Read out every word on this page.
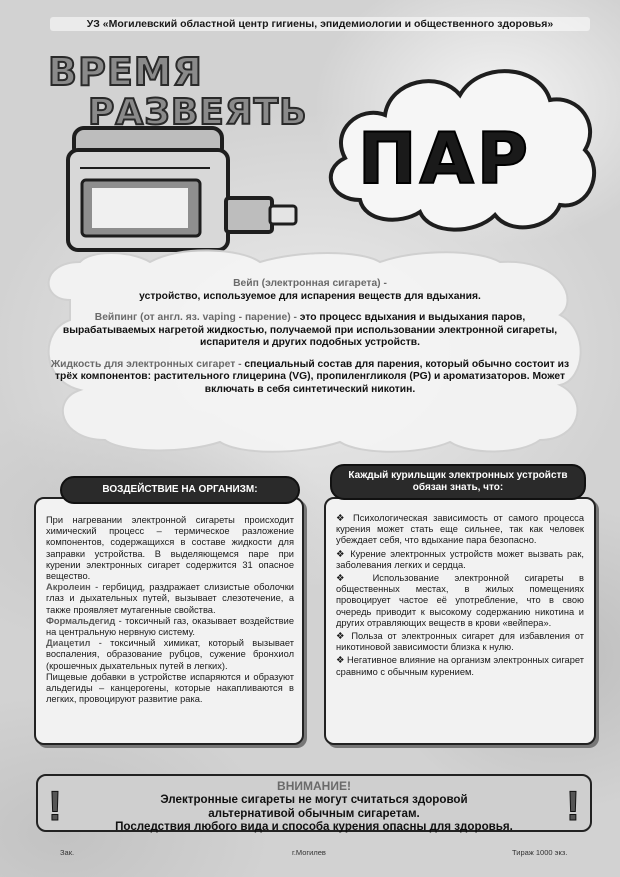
УЗ «Могилевский областной центр гигиены, эпидемиологии и общественного здоровья»
ВРЕМЯ
РАЗВЕЯТЬ
ПАР

Вейп (электронная сигарета) -
устройство, используемое для испарения веществ для вдыхания.

Вейпинг (от англ. яз. vaping - парение) - это процесс вдыхания и выдыхания паров, вырабатываемых нагретой жидкостью, получаемой при использовании электронной сигареты, испарителя и других подобных устройств.

Жидкость для электронных сигарет - специальный состав для парения, который обычно состоит из трёх компонентов: растительного глицерина (VG), пропиленгликоля (PG) и ароматизаторов. Может включать в себя синтетический никотин.

При нагревании электронной сигареты происходит химический процесс – термическое разложение компонентов, содержащихся в составе жидкости для заправки устройства. В выделяющемся паре при курении электронных сигарет содержится 31 опасное вещество.

Акролеин - гербицид, раздражает слизистые оболочки глаз и дыхательных путей, вызывает слезотечение, а также проявляет мутагенные свойства.

Формальдегид - токсичный газ, оказывает воздействие на центральную нервную систему.

Диацетил - токсичный химикат, который вызывает воспаления, образование рубцов, сужение бронхиол (крошечных дыхательных путей в легких).

Пищевые добавки в устройстве испаряются и образуют альдегиды – канцерогены, которые накапливаются в легких, провоцируют развитие рака.

ВОЗДЕЙСТВИЕ НА ОРГАНИЗМ:

❖ Психологическая зависимость от самого процесса курения может стать еще сильнее, так как человек убеждает себя, что вдыхание пара безопасно.

❖ Курение электронных устройств может вызвать рак, заболевания легких и сердца.

❖ Использование электронной сигареты в общественных местах, в жилых помещениях провоцирует частое её употребление, что в свою очередь приводит к высокому содержанию никотина и других отравляющих веществ в крови «вейпера».

❖ Польза от электронных сигарет для избавления от никотиновой зависимости близка к нулю.

❖ Негативное влияние на организм электронных сигарет сравнимо с обычным курением.

Каждый курильщик электронных устройств
обязан знать, что:
!	!
ВНИМАНИЕ!
Электронные сигареты не могут считаться здоровой
альтернативой обычным сигаретам.
Последствия любого вида и способа курения опасны для здоровья.
Зак.	г.Могилев	Тираж 1000 экз.
